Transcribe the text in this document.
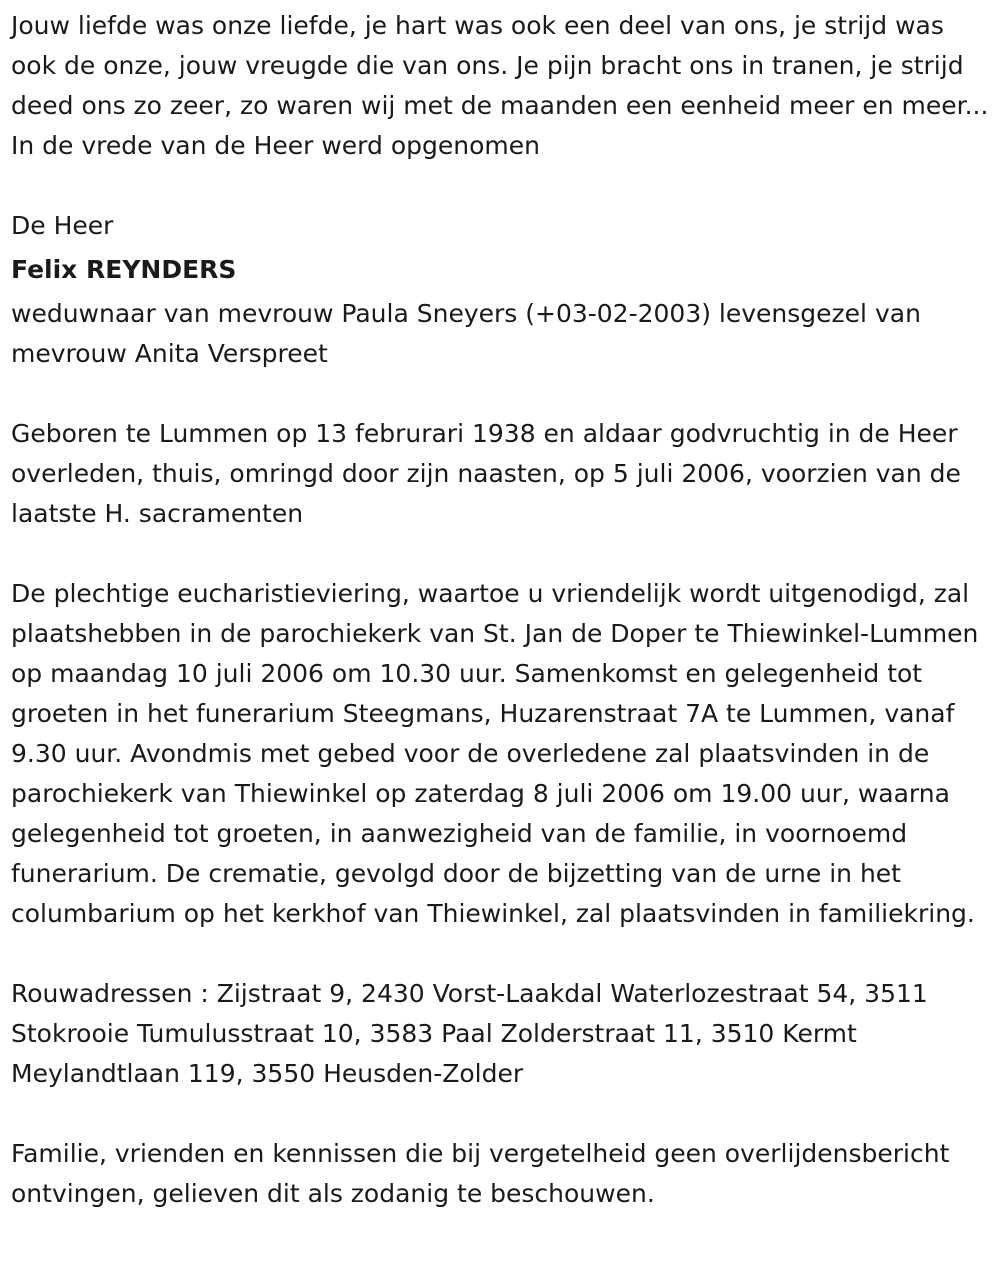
Jouw liefde was onze liefde, je hart was ook een deel van ons, je strijd was ook de onze, jouw vreugde die van ons. Je pijn bracht ons in tranen, je strijd deed ons zo zeer, zo waren wij met de maanden een eenheid meer en meer... In de vrede van de Heer werd opgenomen

De Heer

Felix REYNDERS

weduwnaar van mevrouw Paula Sneyers (+03-02-2003) levensgezel van mevrouw Anita Verspreet

Geboren te Lummen op 13 februrari 1938 en aldaar godvruchtig in de Heer overleden, thuis, omringd door zijn naasten, op 5 juli 2006, voorzien van de laatste H. sacramenten

De plechtige eucharistieviering, waartoe u vriendelijk wordt uitgenodigd, zal plaatshebben in de parochiekerk van St. Jan de Doper te Thiewinkel-Lummen op maandag 10 juli 2006 om 10.30 uur. Samenkomst en gelegenheid tot groeten in het funerarium Steegmans, Huzarenstraat 7A te Lummen, vanaf 9.30 uur. Avondmis met gebed voor de overledene zal plaatsvinden in de parochiekerk van Thiewinkel op zaterdag 8 juli 2006 om 19.00 uur, waarna gelegenheid tot groeten, in aanwezigheid van de familie, in voornoemd funerarium. De crematie, gevolgd door de bijzetting van de urne in het columbarium op het kerkhof van Thiewinkel, zal plaatsvinden in familiekring.

Rouwadressen : Zijstraat 9, 2430 Vorst-Laakdal Waterlozestraat 54, 3511 Stokrooie Tumulusstraat 10, 3583 Paal Zolderstraat 11, 3510 Kermt Meylandtlaan 119, 3550 Heusden-Zolder

Familie, vrienden en kennissen die bij vergetelheid geen overlijdensbericht ontvingen, gelieven dit als zodanig te beschouwen.
